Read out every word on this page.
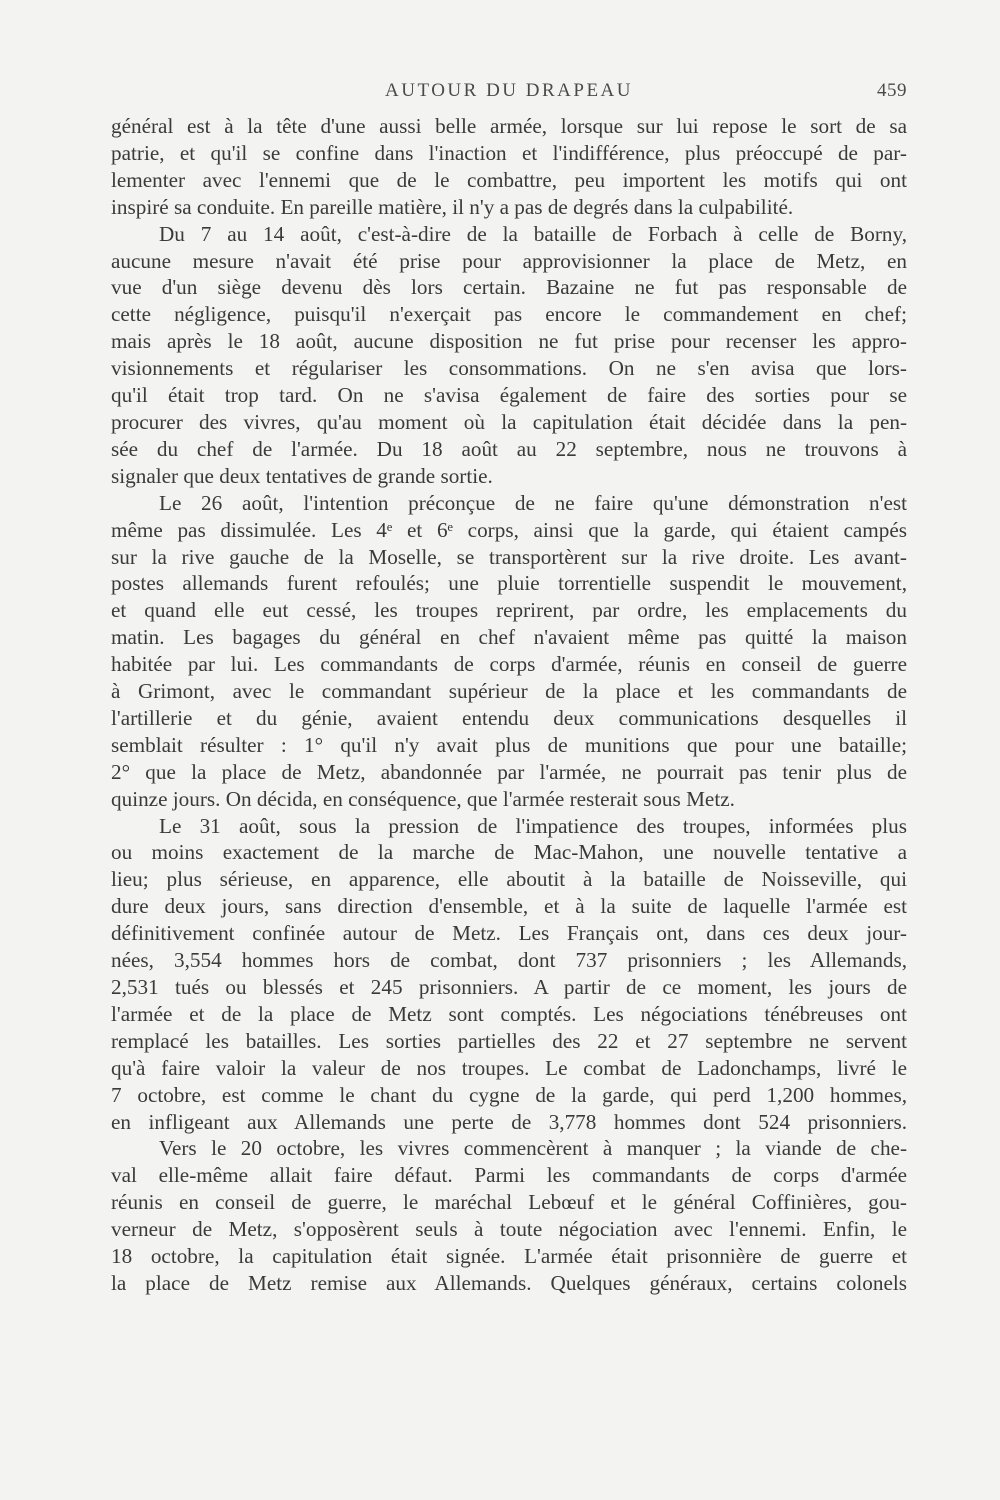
AUTOUR DU DRAPEAU	459
général est à la tête d'une aussi belle armée, lorsque sur lui repose le sort de sa
patrie, et qu'il se confine dans l'inaction et l'indifférence, plus préoccupé de par-
lementer avec l'ennemi que de le combattre, peu importent les motifs qui ont
inspiré sa conduite. En pareille matière, il n'y a pas de degrés dans la culpabilité.
Du 7 au 14 août, c'est-à-dire de la bataille de Forbach à celle de Borny,
aucune mesure n'avait été prise pour approvisionner la place de Metz, en
vue d'un siège devenu dès lors certain. Bazaine ne fut pas responsable de
cette négligence, puisqu'il n'exerçait pas encore le commandement en chef;
mais après le 18 août, aucune disposition ne fut prise pour recenser les appro-
visionnements et régulariser les consommations. On ne s'en avisa que lors-
qu'il était trop tard. On ne s'avisa également de faire des sorties pour se
procurer des vivres, qu'au moment où la capitulation était décidée dans la pen-
sée du chef de l'armée. Du 18 août au 22 septembre, nous ne trouvons à
signaler que deux tentatives de grande sortie.
Le 26 août, l'intention préconçue de ne faire qu'une démonstration n'est
même pas dissimulée. Les 4ᵉ et 6ᵉ corps, ainsi que la garde, qui étaient campés
sur la rive gauche de la Moselle, se transportèrent sur la rive droite. Les avant-
postes allemands furent refoulés; une pluie torrentielle suspendit le mouvement,
et quand elle eut cessé, les troupes reprirent, par ordre, les emplacements du
matin. Les bagages du général en chef n'avaient même pas quitté la maison
habitée par lui. Les commandants de corps d'armée, réunis en conseil de guerre
à Grimont, avec le commandant supérieur de la place et les commandants de
l'artillerie et du génie, avaient entendu deux communications desquelles il
semblait résulter : 1° qu'il n'y avait plus de munitions que pour une bataille;
2° que la place de Metz, abandonnée par l'armée, ne pourrait pas tenir plus de
quinze jours. On décida, en conséquence, que l'armée resterait sous Metz.
Le 31 août, sous la pression de l'impatience des troupes, informées plus
ou moins exactement de la marche de Mac-Mahon, une nouvelle tentative a
lieu; plus sérieuse, en apparence, elle aboutit à la bataille de Noisseville, qui
dure deux jours, sans direction d'ensemble, et à la suite de laquelle l'armée est
définitivement confinée autour de Metz. Les Français ont, dans ces deux jour-
nées, 3,554 hommes hors de combat, dont 737 prisonniers ; les Allemands,
2,531 tués ou blessés et 245 prisonniers. A partir de ce moment, les jours de
l'armée et de la place de Metz sont comptés. Les négociations ténébreuses ont
remplacé les batailles. Les sorties partielles des 22 et 27 septembre ne servent
qu'à faire valoir la valeur de nos troupes. Le combat de Ladonchamps, livré le
7 octobre, est comme le chant du cygne de la garde, qui perd 1,200 hommes,
en infligeant aux Allemands une perte de 3,778 hommes dont 524 prisonniers.
Vers le 20 octobre, les vivres commencèrent à manquer ; la viande de che-
val elle-même allait faire défaut. Parmi les commandants de corps d'armée
réunis en conseil de guerre, le maréchal Lebœuf et le général Coffinières, gou-
verneur de Metz, s'opposèrent seuls à toute négociation avec l'ennemi. Enfin, le
18 octobre, la capitulation était signée. L'armée était prisonnière de guerre et
la place de Metz remise aux Allemands. Quelques généraux, certains colonels
